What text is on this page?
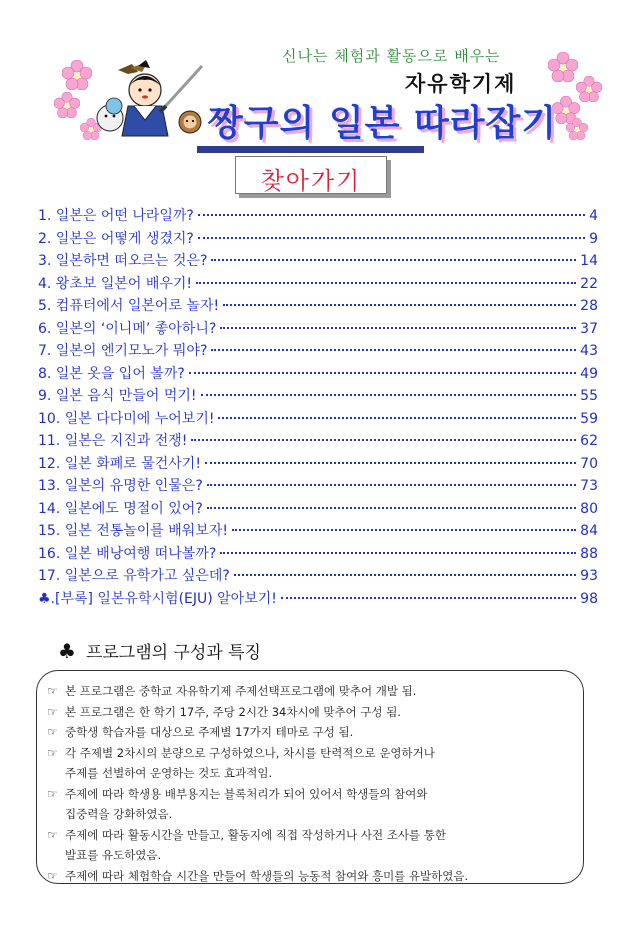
신나는 체험과 활동으로 배우는
자유학기제
짱구의 일본 따라잡기
찾아가기
1. 일본은 어떤 나라일까?	4
2. 일본은 어떻게 생겼지?	9
3. 일본하면 떠오르는 것은?	14
4. 왕초보 일본어 배우기!	22
5. 컴퓨터에서 일본어로 놀자!	28
6. 일본의 ‘이니메’ 좋아하니?	37
7. 일본의 엔기모노가 뭐야?	43
8. 일본 옷을 입어 볼까?	49
9. 일본 음식 만들어 먹기!	55
10. 일본 다다미에 누어보기!	59
11. 일본은 지진과 전쟁!	62
12. 일본 화폐로 물건사기!	70
13. 일본의 유명한 인물은?	73
14. 일본에도 명절이 있어?	80
15. 일본 전통놀이를 배워보자!	84
16. 일본 배낭여행 떠나볼까?	88
17. 일본으로 유학가고 싶은데?	93
♣.[부록] 일본유학시험(EJU) 알아보기!	98
♣ 프로그램의 구성과 특징
☞ 본 프로그램은 중학교 자유학기제 주제선택프로그램에 맞추어 개발 됨.
☞ 본 프로그램은 한 학기 17주, 주당 2시간 34차시에 맞추어 구성 됨.
☞ 중학생 학습자를 대상으로 주제별 17가지 테마로 구성 됨.
☞ 각 주제별 2차시의 분량으로 구성하였으나, 차시를 탄력적으로 운영하거나
주제를 선별하여 운영하는 것도 효과적임.
☞ 주제에 따라 학생용 배부용지는 블록처리가 되어 있어서 학생들의 참여와
집중력을 강화하였음.
☞ 주제에 따라 활동시간을 만들고, 활동지에 직접 작성하거나 사전 조사를 통한
발표를 유도하였음.
☞ 주제에 따라 체험학습 시간을 만들어 학생들의 능동적 참여와 흥미를 유발하였음.
